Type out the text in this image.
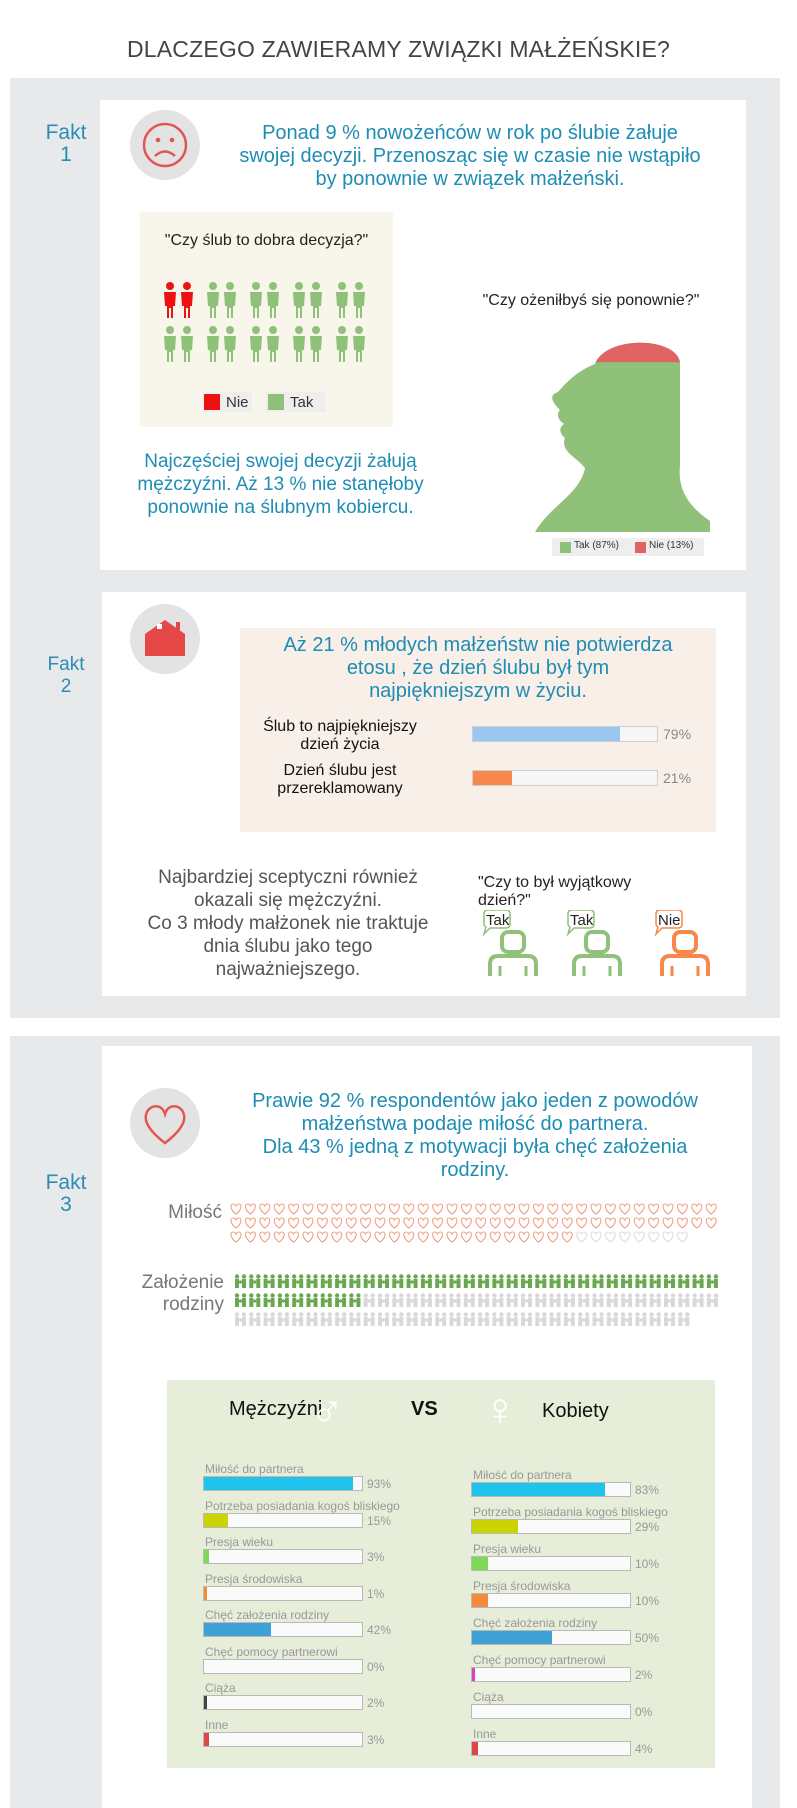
DLACZEGO ZAWIERAMY ZWIĄZKI MAŁŻEŃSKIE?
Fakt
1
Ponad 9 % nowożeńców w rok po ślubie żałuje
swojej decyzji. Przenosząc się w czasie nie wstąpiło
by ponownie w związek małżeński.
"Czy ślub to dobra decyzja?"
Nie	Tak
Najczęściej swojej decyzji żałują
mężczyźni. Aż 13 % nie stanęłoby
ponownie na ślubnym kobiercu.
"Czy ożeniłbyś się ponownie?"
Tak (87%)	Nie (13%)
Fakt
2
Aż 21 % młodych małżeństw nie potwierdza
etosu , że dzień ślubu był tym
najpiękniejszym w życiu.
Ślub to najpiękniejszy dzień życia
79%
Dzień ślubu jest przereklamowany
21%
Najbardziej sceptyczni również
okazali się mężczyźni.
Co 3 młody małżonek nie traktuje
dnia ślubu jako tego
najważniejszego.
"Czy to był wyjątkowy
dzień?"
Tak	Tak	Nie
Fakt
3
Prawie 92 % respondentów jako jeden z powodów
małżeństwa podaje miłość do partnera.
Dla 43 % jedną z motywacji była chęć założenia
rodziny.
Miłość
Założenie
rodziny
Mężczyźni
♂	VS ♀ Kobiety
Miłość do partnera
93%
Potrzeba posiadania kogoś bliskiego
15%
Presja wieku
3%
Presja środowiska
1%
Chęć założenia rodziny
42%
Chęć pomocy partnerowi
0%
Ciąża
2%
Inne
3%
Miłość do partnera
83%
Potrzeba posiadania kogoś bliskiego
29%
Presja wieku
10%
Presja środowiska
10%
Chęć założenia rodziny
50%
Chęć pomocy partnerowi
2%
Ciąża
0%
Inne
4%
